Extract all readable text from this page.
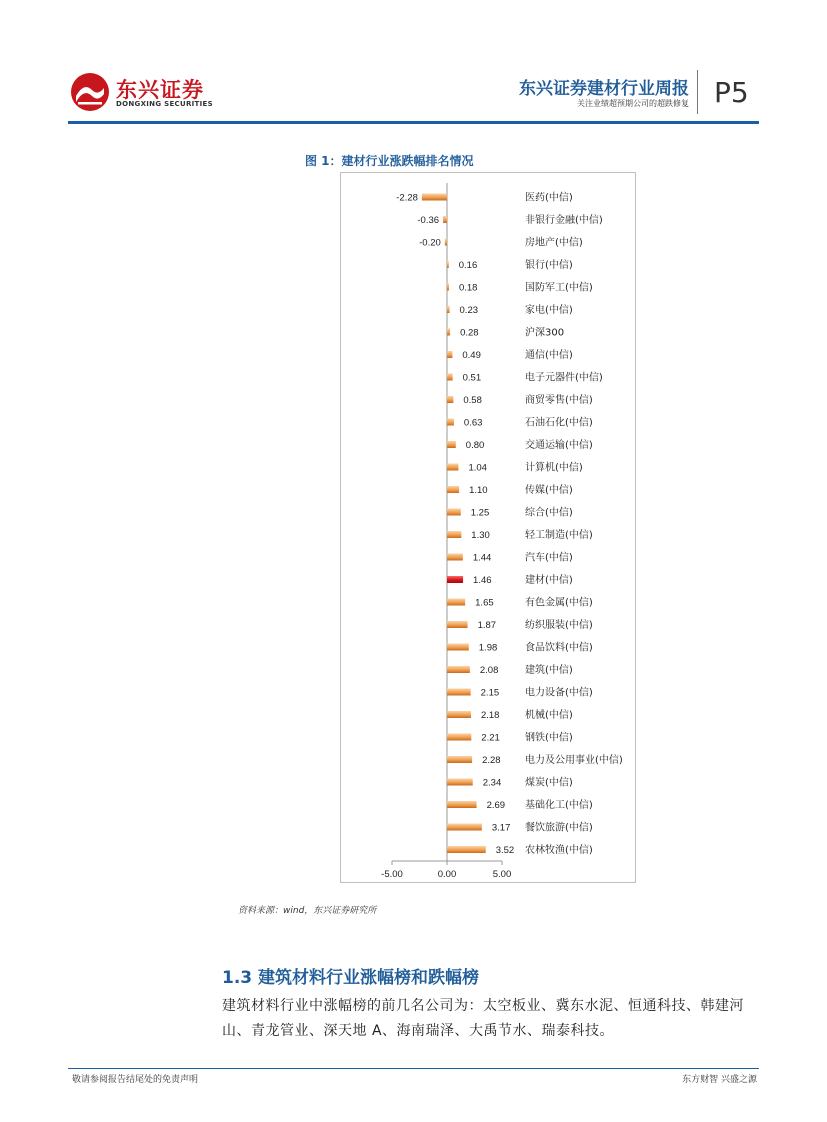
东兴证券
DONGXING SECURITIES
东兴证券建材行业周报
关注业绩超预期公司的超跌修复 P5
图 1：建材行业涨跌幅排名情况
-5.00	0.00	5.00
-2.28	医药(中信)
-0.36	非银行金融(中信)
-0.20	房地产(中信)
0.16	银行(中信)
0.18	国防军工(中信)
0.23	家电(中信)
0.28	沪深300
0.49	通信(中信)
0.51	电子元器件(中信)
0.58	商贸零售(中信)
0.63	石油石化(中信)
0.80	交通运输(中信)
1.04	计算机(中信)
1.10	传媒(中信)
1.25	综合(中信)
1.30	轻工制造(中信)
1.44	汽车(中信)
1.46	建材(中信)
1.65	有色金属(中信)
1.87	纺织服装(中信)
1.98	食品饮料(中信)
2.08	建筑(中信)
2.15	电力设备(中信)
2.18	机械(中信)
2.21	钢铁(中信)
2.28 电力及公用事业(中信)
2.34 煤炭(中信)
2.69 基础化工(中信)
3.17 餐饮旅游(中信)
3.52 农林牧渔(中信)
资料来源：wind，东兴证券研究所
1.3 建筑材料行业涨幅榜和跌幅榜
建筑材料行业中涨幅榜的前几名公司为：太空板业、冀东水泥、恒通科技、韩建河山、青龙管业、深天地 A、海南瑞泽、大禹节水、瑞泰科技。
敬请参阅报告结尾处的免责声明	东方财智 兴盛之源
